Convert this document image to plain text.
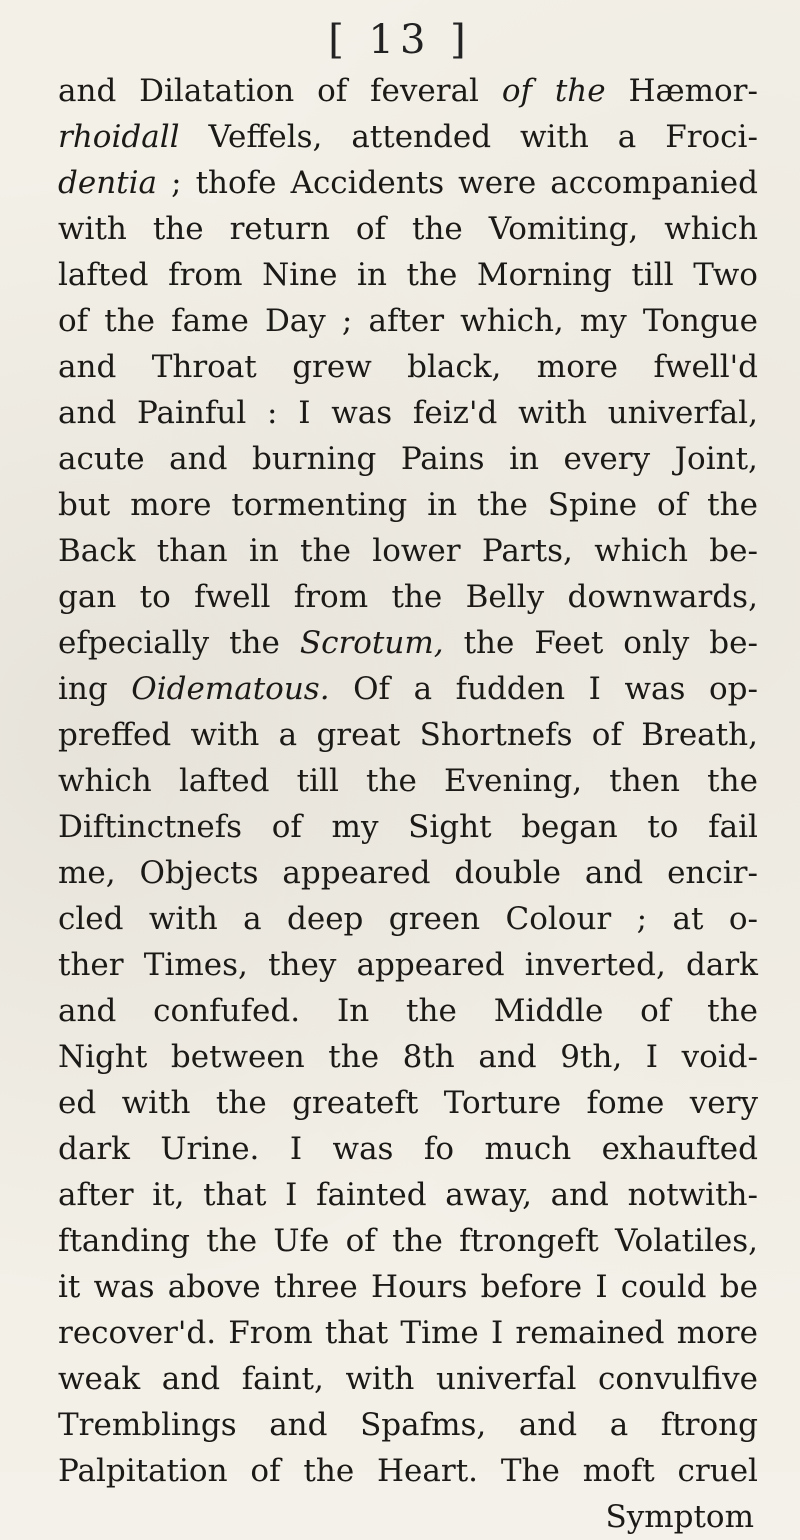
[ 13 ]
and Dilatation of feveral of the Hæmor-
rhoidall Veffels, attended with a Froci-
dentia ; thofe Accidents were accompanied
with the return of the Vomiting, which
lafted from Nine in the Morning till Two
of the fame Day ; after which, my Tongue
and Throat grew black, more fwell'd
and Painful : I was feiz'd with univerfal,
acute and burning Pains in every Joint,
but more tormenting in the Spine of the
Back than in the lower Parts, which be-
gan to fwell from the Belly downwards,
efpecially the Scrotum, the Feet only be-
ing Oidematous. Of a fudden I was op-
preffed with a great Shortnefs of Breath,
which lafted till the Evening, then the
Diftinctnefs of my Sight began to fail
me, Objects appeared double and encir-
cled with a deep green Colour ; at o-
ther Times, they appeared inverted, dark
and confufed. In the Middle of the
Night between the 8th and 9th, I void-
ed with the greateft Torture fome very
dark Urine. I was fo much exhaufted
after it, that I fainted away, and notwith-
ftanding the Ufe of the ftrongeft Volatiles,
it was above three Hours before I could be
recover'd. From that Time I remained more
weak and faint, with univerfal convulfive
Tremblings and Spafms, and a ftrong
Palpitation of the Heart. The moft cruel
Symptom
